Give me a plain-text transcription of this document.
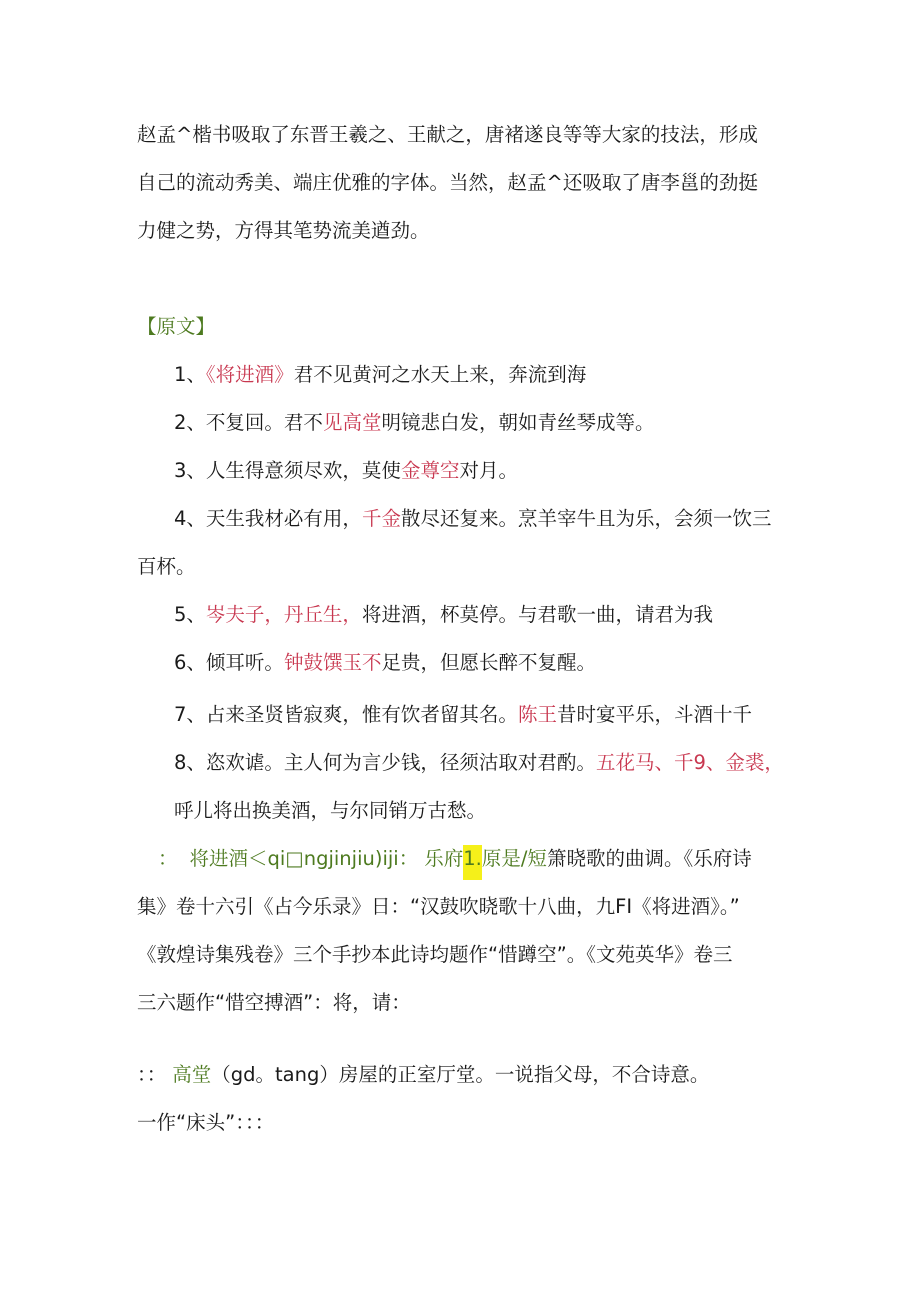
赵孟^楷书吸取了东晋王羲之、王献之，唐褚遂良等等大家的技法，形成
自己的流动秀美、端庄优雅的字体。当然，赵孟^还吸取了唐李邕的劲挺
力健之势，方得其笔势流美遒劲。
【原文】
1、《将进酒》君不见黄河之水天上来，奔流到海
2、不复回。君不见高堂明镜悲白发，朝如青丝琴成等。
3、人生得意须尽欢，莫使金尊空对月。
4、天生我材必有用，千金散尽还复来。烹羊宰牛且为乐，会须一饮三
百杯。
5、岑夫子，丹丘生，将进酒，杯莫停。与君歌一曲，请君为我
6、倾耳听。钟鼓馔玉不足贵，但愿长醉不复醒。
7、占来圣贤皆寂爽，惟有饮者留其名。陈王昔时宴平乐，斗酒十千
8、恣欢谑。主人何为言少钱，径须沽取对君酌。五花马、千9、金裘，
呼儿将出换美酒，与尔同销万古愁。
： 将进酒＜qi□ngjinjiu)iji： 乐府1.原是/短箫晓歌的曲调。《乐府诗
集》卷十六引《占今乐录》日：“汉鼓吹晓歌十八曲，九FI《将进酒》。”
《敦煌诗集残卷》三个手抄本此诗均题作“惜蹲空”。《文苑英华》卷三
三六题作“惜空搏酒”：将，请：
：： 高堂（gd。tang）房屋的正室厅堂。一说指父母，不合诗意。
一作“床头”：：：
